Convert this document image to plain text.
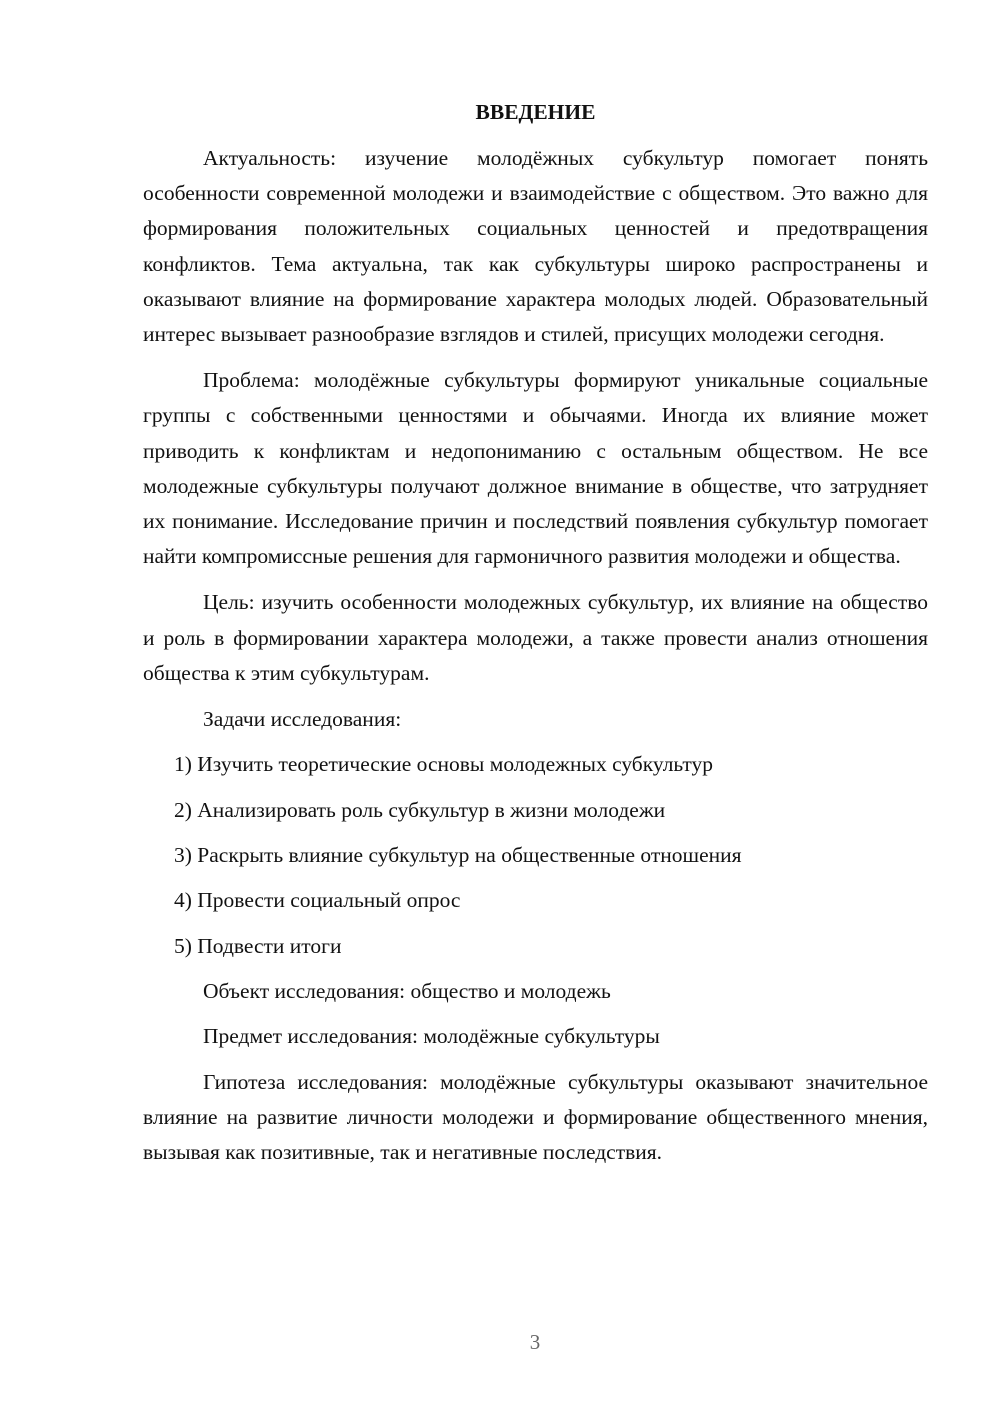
ВВЕДЕНИЕ
Актуальность: изучение молодёжных субкультур помогает понять особенности современной молодежи и взаимодействие с обществом. Это важно для формирования положительных социальных ценностей и предотвращения конфликтов. Тема актуальна, так как субкультуры широко распространены и оказывают влияние на формирование характера молодых людей. Образовательный интерес вызывает разнообразие взглядов и стилей, присущих молодежи сегодня.
Проблема: молодёжные субкультуры формируют уникальные социальные группы с собственными ценностями и обычаями. Иногда их влияние может приводить к конфликтам и недопониманию с остальным обществом. Не все молодежные субкультуры получают должное внимание в обществе, что затрудняет их понимание. Исследование причин и последствий появления субкультур помогает найти компромиссные решения для гармоничного развития молодежи и общества.
Цель: изучить особенности молодежных субкультур, их влияние на общество и роль в формировании характера молодежи, а также провести анализ отношения общества к этим субкультурам.
Задачи исследования:
1) Изучить теоретические основы молодежных субкультур
2) Анализировать роль субкультур в жизни молодежи
3) Раскрыть влияние субкультур на общественные отношения
4) Провести социальный опрос
5) Подвести итоги
Объект исследования: общество и молодежь
Предмет исследования: молодёжные субкультуры
Гипотеза исследования: молодёжные субкультуры оказывают значительное влияние на развитие личности молодежи и формирование общественного мнения, вызывая как позитивные, так и негативные последствия.
3
